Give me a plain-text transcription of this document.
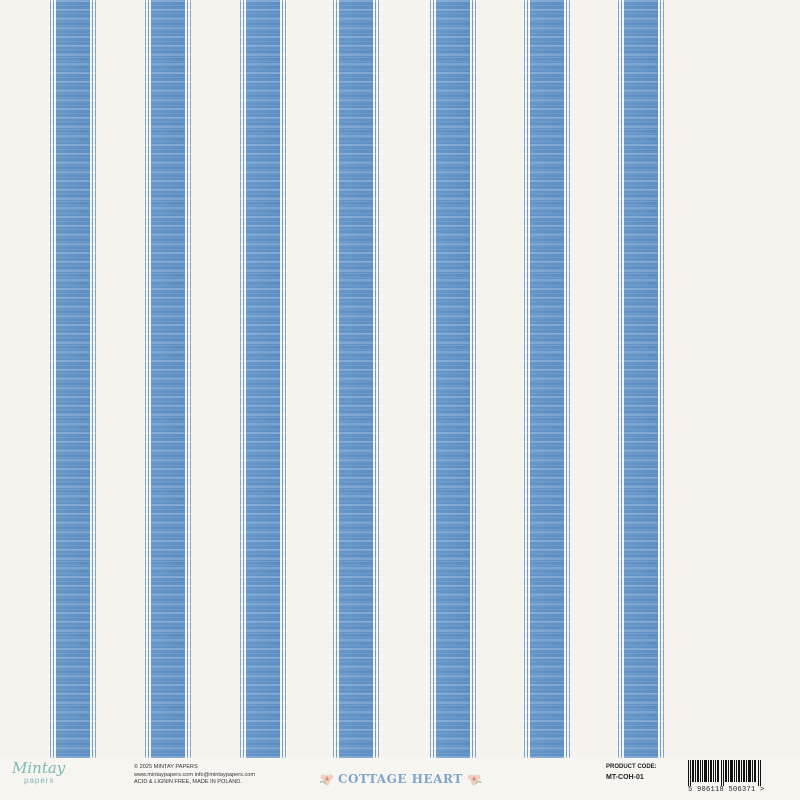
Mintay
papers
© 2025 MINTAY PAPERS
www.mintaypapers.com info@mintaypapers.com
ACID & LIGNIN FREE, MADE IN POLAND.	COTTAGE HEART
PRODUCT CODE:
MT-COH-01
5 906118 506371 >
